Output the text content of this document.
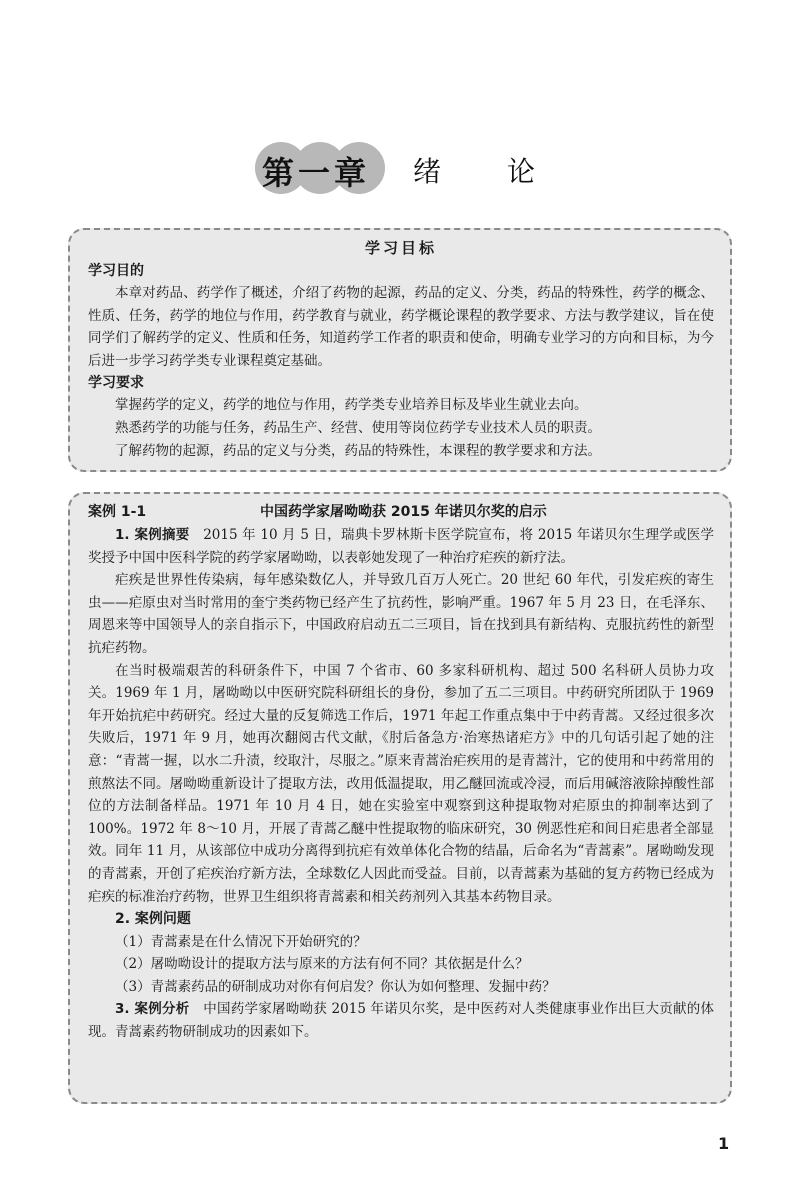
第一章 绪论
学习目标
学习目的

本章对药品、药学作了概述，介绍了药物的起源，药品的定义、分类，药品的特殊性，药学的概念、性质、任务，药学的地位与作用，药学教育与就业，药学概论课程的教学要求、方法与教学建议，旨在使同学们了解药学的定义、性质和任务，知道药学工作者的职责和使命，明确专业学习的方向和目标，为今后进一步学习药学类专业课程奠定基础。

学习要求

掌握药学的定义，药学的地位与作用，药学类专业培养目标及毕业生就业去向。

熟悉药学的功能与任务，药品生产、经营、使用等岗位药学专业技术人员的职责。

了解药物的起源，药品的定义与分类，药品的特殊性，本课程的教学要求和方法。

案例 1-1	中国药学家屠呦呦获 2015 年诺贝尔奖的启示

1. 案例摘要　 2015 年 10 月 5 日，瑞典卡罗林斯卡医学院宣布，将 2015 年诺贝尔生理学或医学奖授予中国中医科学院的药学家屠呦呦，以表彰她发现了一种治疗疟疾的新疗法。

疟疾是世界性传染病，每年感染数亿人，并导致几百万人死亡。20 世纪 60 年代，引发疟疾的寄生虫——疟原虫对当时常用的奎宁类药物已经产生了抗药性，影响严重。1967 年 5 月 23 日，在毛泽东、周恩来等中国领导人的亲自指示下，中国政府启动五二三项目，旨在找到具有新结构、克服抗药性的新型抗疟药物。

在当时极端艰苦的科研条件下，中国 7 个省市、60 多家科研机构、超过 500 名科研人员协力攻关。1969 年 1 月，屠呦呦以中医研究院科研组长的身份，参加了五二三项目。中药研究所团队于 1969 年开始抗疟中药研究。经过大量的反复筛选工作后，1971 年起工作重点集中于中药青蒿。又经过很多次失败后，1971 年 9 月，她再次翻阅古代文献，《肘后备急方·治寒热诸疟方》中的几句话引起了她的注意：“青蒿一握，以水二升渍，绞取汁，尽服之。”原来青蒿治疟疾用的是青蒿汁，它的使用和中药常用的煎熬法不同。屠呦呦重新设计了提取方法，改用低温提取，用乙醚回流或冷浸，而后用碱溶液除掉酸性部位的方法制备样品。1971 年 10 月 4 日，她在实验室中观察到这种提取物对疟原虫的抑制率达到了 100%。1972 年 8～10 月，开展了青蒿乙醚中性提取物的临床研究，30 例恶性疟和间日疟患者全部显效。同年 11 月，从该部位中成功分离得到抗疟有效单体化合物的结晶，后命名为“青蒿素”。屠呦呦发现的青蒿素，开创了疟疾治疗新方法，全球数亿人因此而受益。目前，以青蒿素为基础的复方药物已经成为疟疾的标准治疗药物，世界卫生组织将青蒿素和相关药剂列入其基本药物目录。

2. 案例问题
（1）青蒿素是在什么情况下开始研究的？
（2）屠呦呦设计的提取方法与原来的方法有何不同？其依据是什么？
（3）青蒿素药品的研制成功对你有何启发？你认为如何整理、发掘中药？

3. 案例分析　 中国药学家屠呦呦获 2015 年诺贝尔奖，是中医药对人类健康事业作出巨大贡献的体现。青蒿素药物研制成功的因素如下。

1
